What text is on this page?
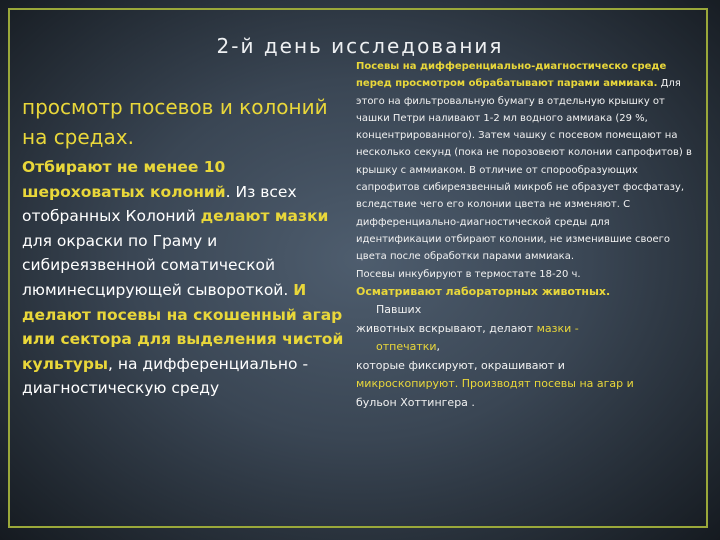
2-й день исследования
просмотр посевов и колоний на средах.
Отбирают не менее 10 шероховатых колоний. Из всех отобранных Колоний делают мазки для окраски по Граму и сибиреязвенной соматической люминесцирующей сывороткой. И делают посевы на скошенный агар или сектора для выделения чистой культуры, на дифференциально - диагностическую среду
Посевы на дифференциально-диагностическо среде перед просмотром обрабатывают парами аммиака. Для этого на фильтровальную бумагу в отдельную крышку от чашки Петри наливают 1-2 мл водного аммиака (29 %, концентрированного). Затем чашку с посевом помещают на несколько секунд (пока не порозовеют колонии сапрофитов) в крышку с аммиаком. В отличие от спорообразующих сапрофитов сибиреязвенный микроб не образует фосфатазу, вследствие чего его колонии цвета не изменяют. С дифференциально-диагностической среды для идентификации отбирают колонии, не изменившие своего цвета после обработки парами аммиака.
Посевы инкубируют в термостате 18-20 ч.
Осматривают лабораторных животных.
Павших
животных вскрывают, делают мазки -
отпечатки,
которые фиксируют, окрашивают и
микроскопируют. Производят посевы на агар и
бульон Хоттингера .
